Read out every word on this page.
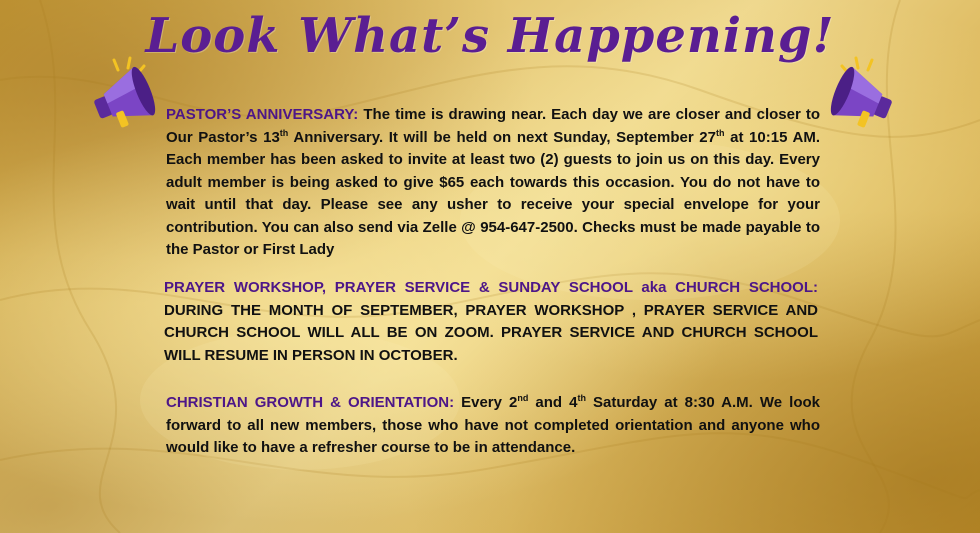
Look What’s Happening!
PASTOR’S ANNIVERSARY: The time is drawing near. Each day we are closer and closer to Our Pastor’s 13th Anniversary. It will be held on next Sunday, September 27th at 10:15 AM. Each member has been asked to invite at least two (2) guests to join us on this day. Every adult member is being asked to give $65 each towards this occasion. You do not have to wait until that day. Please see any usher to receive your special envelope for your contribution. You can also send via Zelle @ 954-647-2500. Checks must be made payable to the Pastor or First Lady
PRAYER WORKSHOP, PRAYER SERVICE & SUNDAY SCHOOL aka CHURCH SCHOOL: DURING THE MONTH OF SEPTEMBER, PRAYER WORKSHOP , PRAYER SERVICE AND CHURCH SCHOOL WILL ALL BE ON ZOOM. PRAYER SERVICE AND CHURCH SCHOOL WILL RESUME IN PERSON IN OCTOBER.
CHRISTIAN GROWTH & ORIENTATION: Every 2nd and 4th Saturday at 8:30 A.M. We look forward to all new members, those who have not completed orientation and anyone who would like to have a refresher course to be in attendance.
